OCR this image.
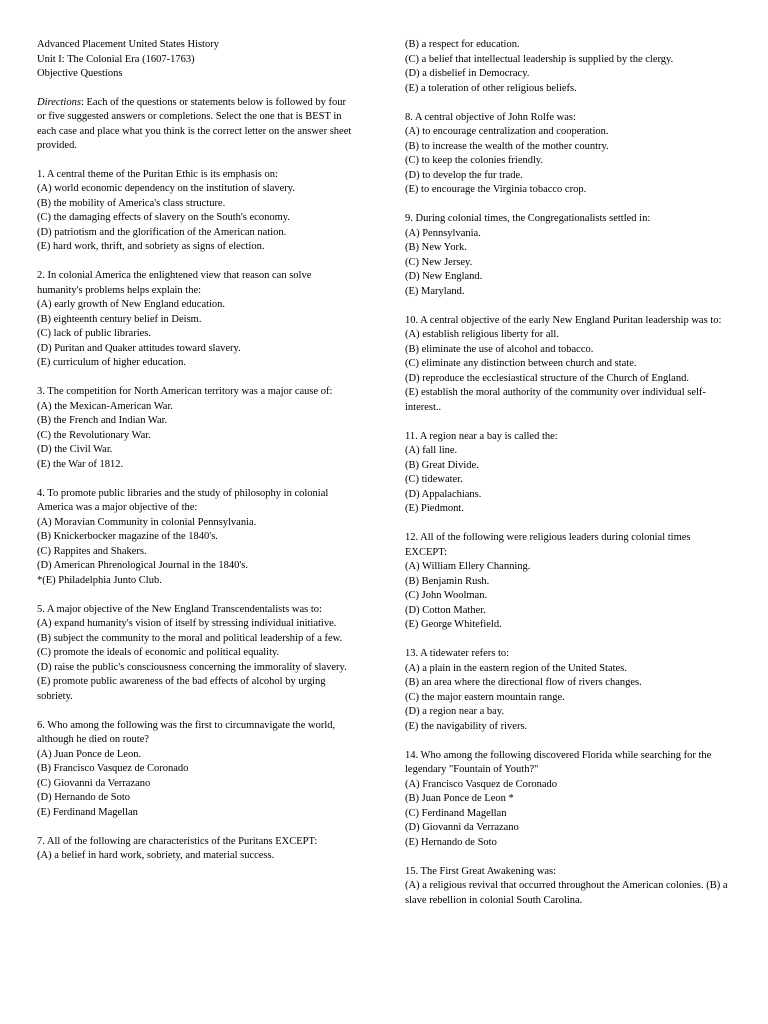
Advanced Placement United States History

Unit I: The Colonial Era (1607-1763)

Objective Questions

Directions: Each of the questions or statements below is followed by four or five suggested answers or completions. Select the one that is BEST in each case and place what you think is the correct letter on the answer sheet provided.

1. A central theme of the Puritan Ethic is its emphasis on:

(A) world economic dependency on the institution of slavery.

(B) the mobility of America's class structure.

(C) the damaging effects of slavery on the South's economy.

(D) patriotism and the glorification of the American nation.

(E) hard work, thrift, and sobriety as signs of election.

2. In colonial America the enlightened view that reason can solve humanity's problems helps explain the:

(A) early growth of New England education.

(B) eighteenth century belief in Deism.

(C) lack of public libraries.

(D) Puritan and Quaker attitudes toward slavery.

(E) curriculum of higher education.

3. The competition for North American territory was a major cause of:

(A) the Mexican-American War.

(B) the French and Indian War.

(C) the Revolutionary War.

(D) the Civil War.

(E) the War of 1812.

4. To promote public libraries and the study of philosophy in colonial America was a major objective of the:

(A) Moravian Community in colonial Pennsylvania.

(B) Knickerbocker magazine of the 1840's.

(C) Rappites and Shakers.

(D) American Phrenological Journal in the 1840's.

*(E) Philadelphia Junto Club.

5. A major objective of the New England Transcendentalists was to:

(A) expand humanity's vision of itself by stressing individual initiative.

(B) subject the community to the moral and political leadership of a few.

(C) promote the ideals of economic and political equality.

(D) raise the public's consciousness concerning the immorality of slavery.

(E) promote public awareness of the bad effects of alcohol by urging sobriety.

6. Who among the following was the first to circumnavigate the world, although he died on route?

(A) Juan Ponce de Leon.

(B) Francisco Vasquez de Coronado

(C) Giovanni da Verrazano

(D) Hernando de Soto

(E) Ferdinand Magellan

7. All of the following are characteristics of the Puritans EXCEPT:

(A) a belief in hard work, sobriety, and material success.

(B) a respect for education.

(C) a belief that intellectual leadership is supplied by the clergy.

(D) a disbelief in Democracy.

(E) a toleration of other religious beliefs.

8. A central objective of John Rolfe was:

(A) to encourage centralization and cooperation.

(B) to increase the wealth of the mother country.

(C) to keep the colonies friendly.

(D) to develop the fur trade.

(E) to encourage the Virginia tobacco crop.

9. During colonial times, the Congregationalists settled in:

(A) Pennsylvania.

(B) New York.

(C) New Jersey.

(D) New England.

(E) Maryland.

10. A central objective of the early New England Puritan leadership was to:

(A) establish religious liberty for all.

(B) eliminate the use of alcohol and tobacco.

(C) eliminate any distinction between church and state.

(D) reproduce the ecclesiastical structure of the Church of England.

(E) establish the moral authority of the community over individual self-interest..

11. A region near a bay is called the:

(A) fall line.

(B) Great Divide.

(C) tidewater.

(D) Appalachians.

(E) Piedmont.

12. All of the following were religious leaders during colonial times EXCEPT:

(A) William Ellery Channing.

(B) Benjamin Rush.

(C) John Woolman.

(D) Cotton Mather.

(E) George Whitefield.

13. A tidewater refers to:

(A) a plain in the eastern region of the United States.

(B) an area where the directional flow of rivers changes.

(C) the major eastern mountain range.

(D) a region near a bay.

(E) the navigability of rivers.

14. Who among the following discovered Florida while searching for the legendary "Fountain of Youth?"

(A) Francisco Vasquez de Coronado

(B) Juan Ponce de Leon *

(C) Ferdinand Magellan

(D) Giovanni da Verrazano

(E) Hernando de Soto

15. The First Great Awakening was:

(A) a religious revival that occurred throughout the American colonies. (B) a slave rebellion in colonial South Carolina.
